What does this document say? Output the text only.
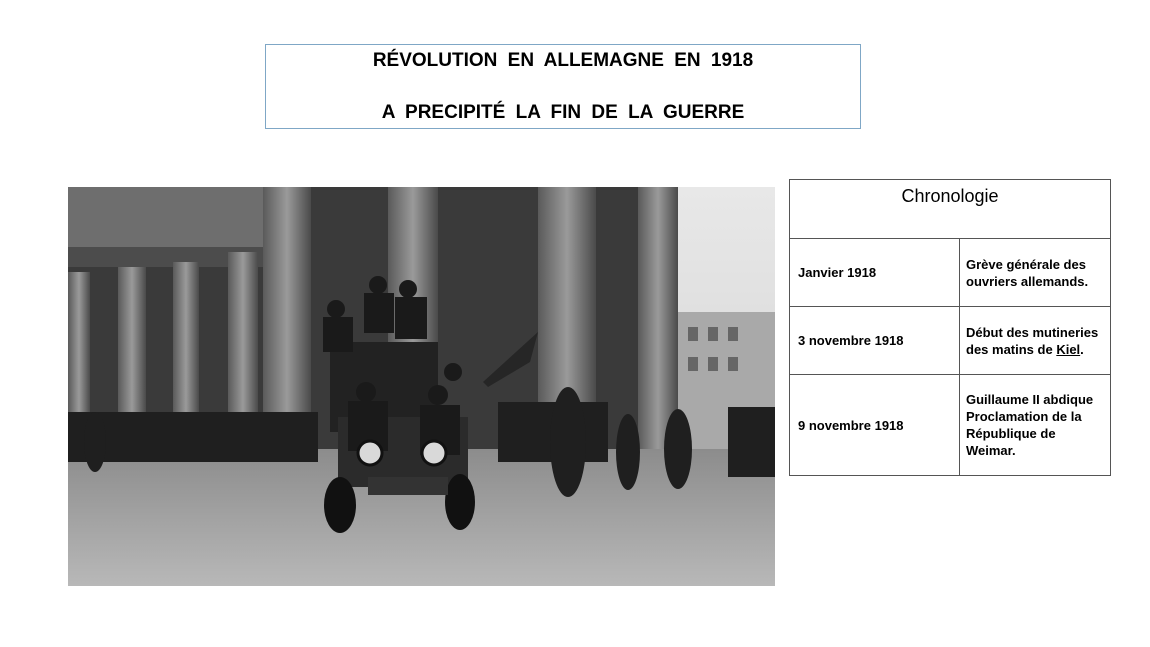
RÉVOLUTION EN ALLEMAGNE EN 1918
A PRECIPITÉ LA FIN DE LA GUERRE
Chronologie	
Janvier 1918	Grève générale des
ouvriers allemands.
3 novembre 1918	Début des mutineries
des matins de Kiel.
9 novembre 1918	Guillaume II abdique
Proclamation de la
République de
Weimar.
